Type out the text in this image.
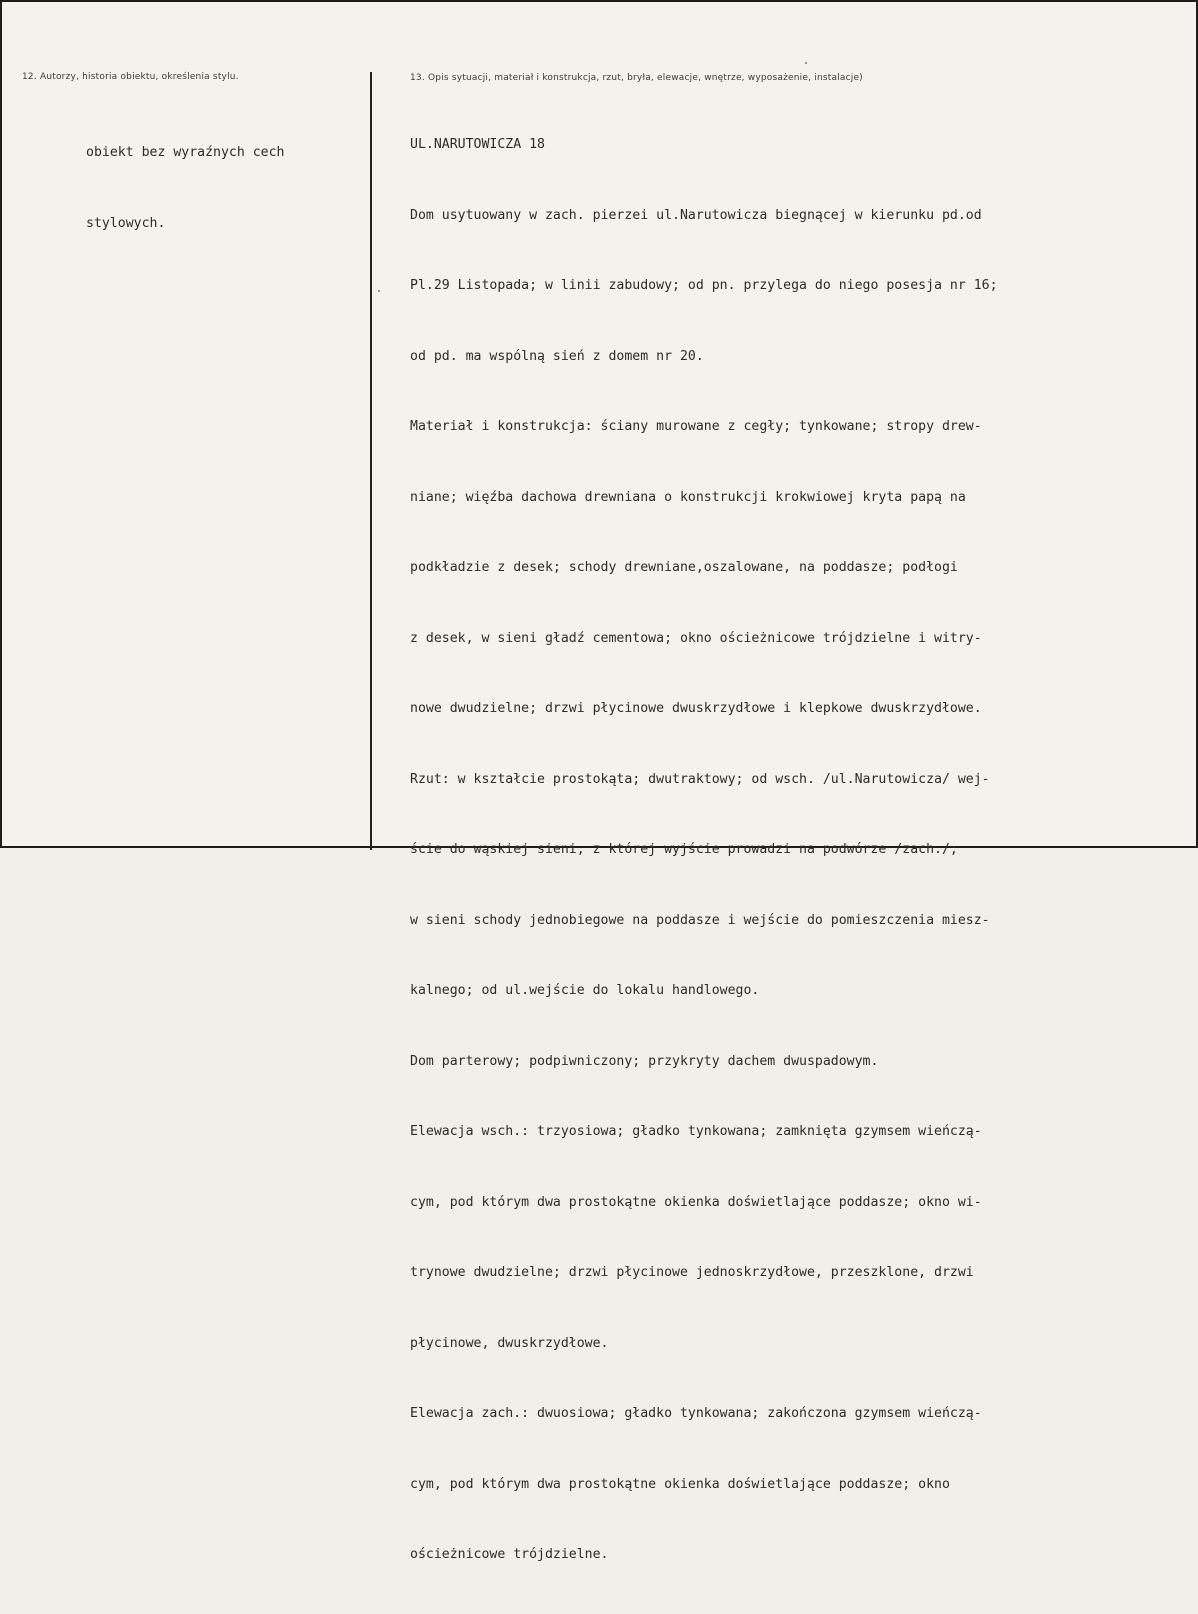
12. Autorzy, historia obiektu, określenia stylu.	13. Opis sytuacji, materiał i konstrukcja, rzut, bryła, elewacje, wnętrze, wyposażenie, instalacje)

obiekt bez wyraźnych cech

stylowych.

UL.NARUTOWICZA 18

Dom usytuowany w zach. pierzei ul.Narutowicza biegnącej w kierunku pd.od

Pl.29 Listopada; w linii zabudowy; od pn. przylega do niego posesja nr 16;

od pd. ma wspólną sień z domem nr 20.

Materiał i konstrukcja: ściany murowane z cegły; tynkowane; stropy drew-

niane; więźba dachowa drewniana o konstrukcji krokwiowej kryta papą na

podkładzie z desek; schody drewniane,oszalowane, na poddasze; podłogi

z desek, w sieni gładź cementowa; okno ościeżnicowe trójdzielne i witry-

nowe dwudzielne; drzwi płycinowe dwuskrzydłowe i klepkowe dwuskrzydłowe.

Rzut: w kształcie prostokąta; dwutraktowy; od wsch. /ul.Narutowicza/ wej-

ście do wąskiej sieni, z której wyjście prowadzi na podwórze /zach./;

w sieni schody jednobiegowe na poddasze i wejście do pomieszczenia miesz-

kalnego; od ul.wejście do lokalu handlowego.

Dom parterowy; podpiwniczony; przykryty dachem dwuspadowym.

Elewacja wsch.: trzyosiowa; gładko tynkowana; zamknięta gzymsem wieńczą-

cym, pod którym dwa prostokątne okienka doświetlające poddasze; okno wi-

trynowe dwudzielne; drzwi płycinowe jednoskrzydłowe, przeszklone, drzwi

płycinowe, dwuskrzydłowe.

Elewacja zach.: dwuosiowa; gładko tynkowana; zakończona gzymsem wieńczą-

cym, pod którym dwa prostokątne okienka doświetlające poddasze; okno

ościeżnicowe trójdzielne.
